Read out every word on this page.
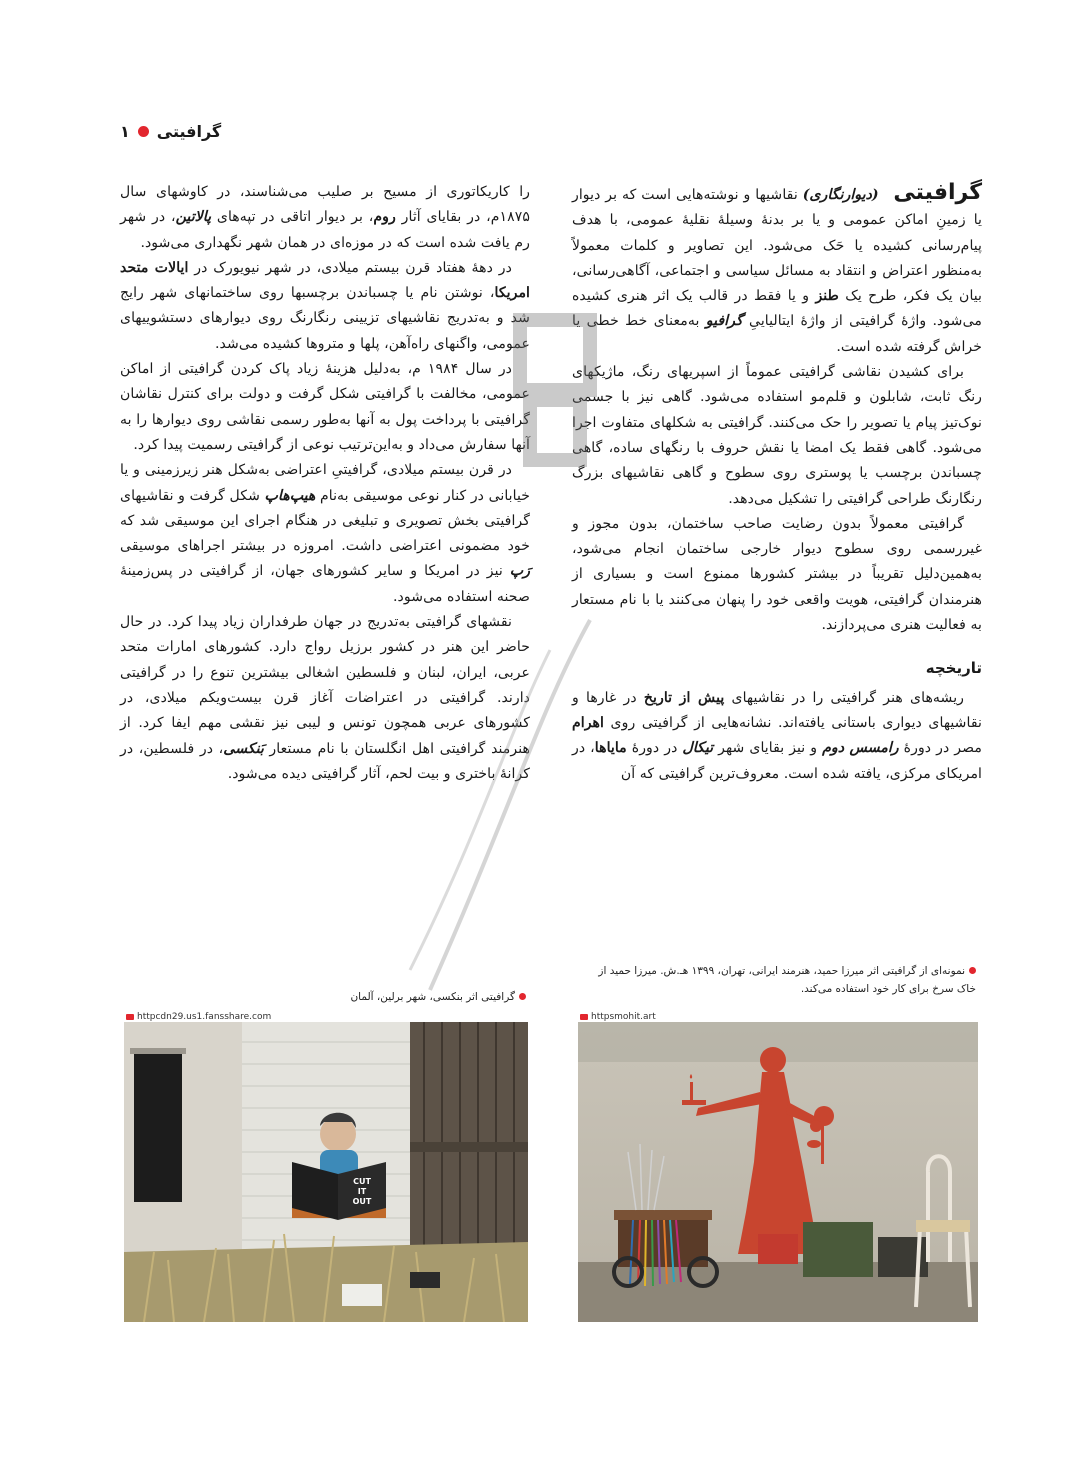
۱ گرافیتی

گرافیتی   (دیوارنگاری) نقاشیها و نوشته‌هایی است که بر دیوار یا زمینِ اماکن عمومی و یا بر بدنهٔ وسیلهٔ نقلیهٔ عمومی، با هدف پیام‌رسانی کشیده یا حَک می‌شود. این تصاویر و کلمات معمولاً به‌منظور اعتراض و انتقاد به مسائل سیاسی و اجتماعی، آگاهی‌رسانی، بیان یک فکر، طرح یک طنز و یا فقط در قالب یک اثر هنری کشیده می‌شود. واژهٔ گرافیتی از واژهٔ ایتالیاییِ گرافیو به‌معنای خط خطی یا خراش گرفته شده است.

برای کشیدن نقاشی گرافیتی عموماً از اسپریهای رنگ، ماژیکهای رنگ ثابت، شابلون و قلم‌مو استفاده می‌شود. گاهی نیز با جسمی نوک‌تیز پیام یا تصویر را حک می‌کنند. گرافیتی به شکلهای متفاوت اجرا می‌شود. گاهی فقط یک امضا یا نقش حروف با رنگهای ساده، گاهی چسباندن برچسب یا پوستری روی سطوح و گاهی نقاشیهای بزرگ رنگارنگ طراحی گرافیتی را تشکیل می‌دهد.

گرافیتی معمولاً بدون رضایت صاحب ساختمان، بدون مجوز و غیررسمی روی سطوح دیوار خارجی ساختمان انجام می‌شود، به‌همین‌دلیل تقریباً در بیشتر کشورها ممنوع است و بسیاری از هنرمندان گرافیتی، هویت واقعی خود را پنهان می‌کنند یا با نام مستعار به فعالیت هنری می‌پردازند.

تاریخچه

ریشه‌های هنر گرافیتی را در نقاشیهای پیش از تاریخ در غارها و نقاشیهای دیواری باستانی یافته‌اند. نشانه‌هایی از گرافیتی روی اهرام مصر در دورهٔ رامسس دوم و نیز بقایای شهر تیکال در دورهٔ مایاها، در امریکای مرکزی، یافته شده است. معروف‌ترین گرافیتی که آن

را کاریکاتوری از مسیح بر صلیب می‌شناسند، در کاوشهای سال ۱۸۷۵م، در بقایای آثار روم، بر دیوار اتاقی در تپه‌های پالاتین، در شهر رم یافت شده است که در موزه‌ای در همان شهر نگهداری می‌شود.

در دههٔ هفتاد قرن بیستم میلادی، در شهر نیویورک در ایالات متحد امریکا، نوشتن نام یا چسباندن برچسبها روی ساختمانهای شهر رایج شد و به‌تدریج نقاشیهای تزیینی رنگارنگ روی دیوارهای دستشوییهای عمومی، واگنهای راه‌آهن، پلها و متروها کشیده می‌شد.

در سال ۱۹۸۴ م، به‌دلیل هزینهٔ زیاد پاک کردن گرافیتی از اماکن عمومی، مخالفت با گرافیتی شکل گرفت و دولت برای کنترل نقاشان گرافیتی با پرداخت پول به آنها به‌طور رسمی نقاشی روی دیوارها را به آنها سفارش می‌داد و به‌این‌ترتیب نوعی از گرافیتی رسمیت پیدا کرد.

در قرن بیستم میلادی، گرافیتیِ اعتراضی به‌شکل هنر زیرزمینی و یا خیابانی در کنار نوعی موسیقی به‌نام هیپ‌هاپ شکل گرفت و نقاشیهای گرافیتی بخش تصویری و تبلیغی در هنگام اجرای این موسیقی شد که خود مضمونی اعتراضی داشت. امروزه در بیشتر اجراهای موسیقی رَپ نیز در امریکا و سایر کشورهای جهان، از گرافیتی در پس‌زمینهٔ صحنه استفاده می‌شود.

نقشهای گرافیتی به‌تدریج در جهان طرفداران زیاد پیدا کرد. در حال حاضر این هنر در کشور برزیل رواج دارد. کشورهای امارات متحد عربی، ایران، لبنان و فلسطین اشغالی بیشترین تنوع را در گرافیتی دارند. گرافیتی در اعتراضات آغاز قرن بیست‌ویکم میلادی، در کشورهای عربی همچون تونس و لیبی نیز نقشی مهم ایفا کرد. از هنرمند گرافیتی اهل انگلستان با نام مستعار بَنکسی، در فلسطین، در کرانهٔ باختری و بیت لحم، آثار گرافیتی دیده می‌شود.

نمونه‌ای از گرافیتی اثر میرزا حمید، هنرمند ایرانی، تهران، ۱۳۹۹ هـ.ش. میرزا حمید از خاک سرخ برای کار خود استفاده می‌کند.
httpsmohit.art
گرافیتی اثر بنکسی، شهر برلین، آلمان
httpcdn29.us1.fansshare.com
CUT
IT
OUT
